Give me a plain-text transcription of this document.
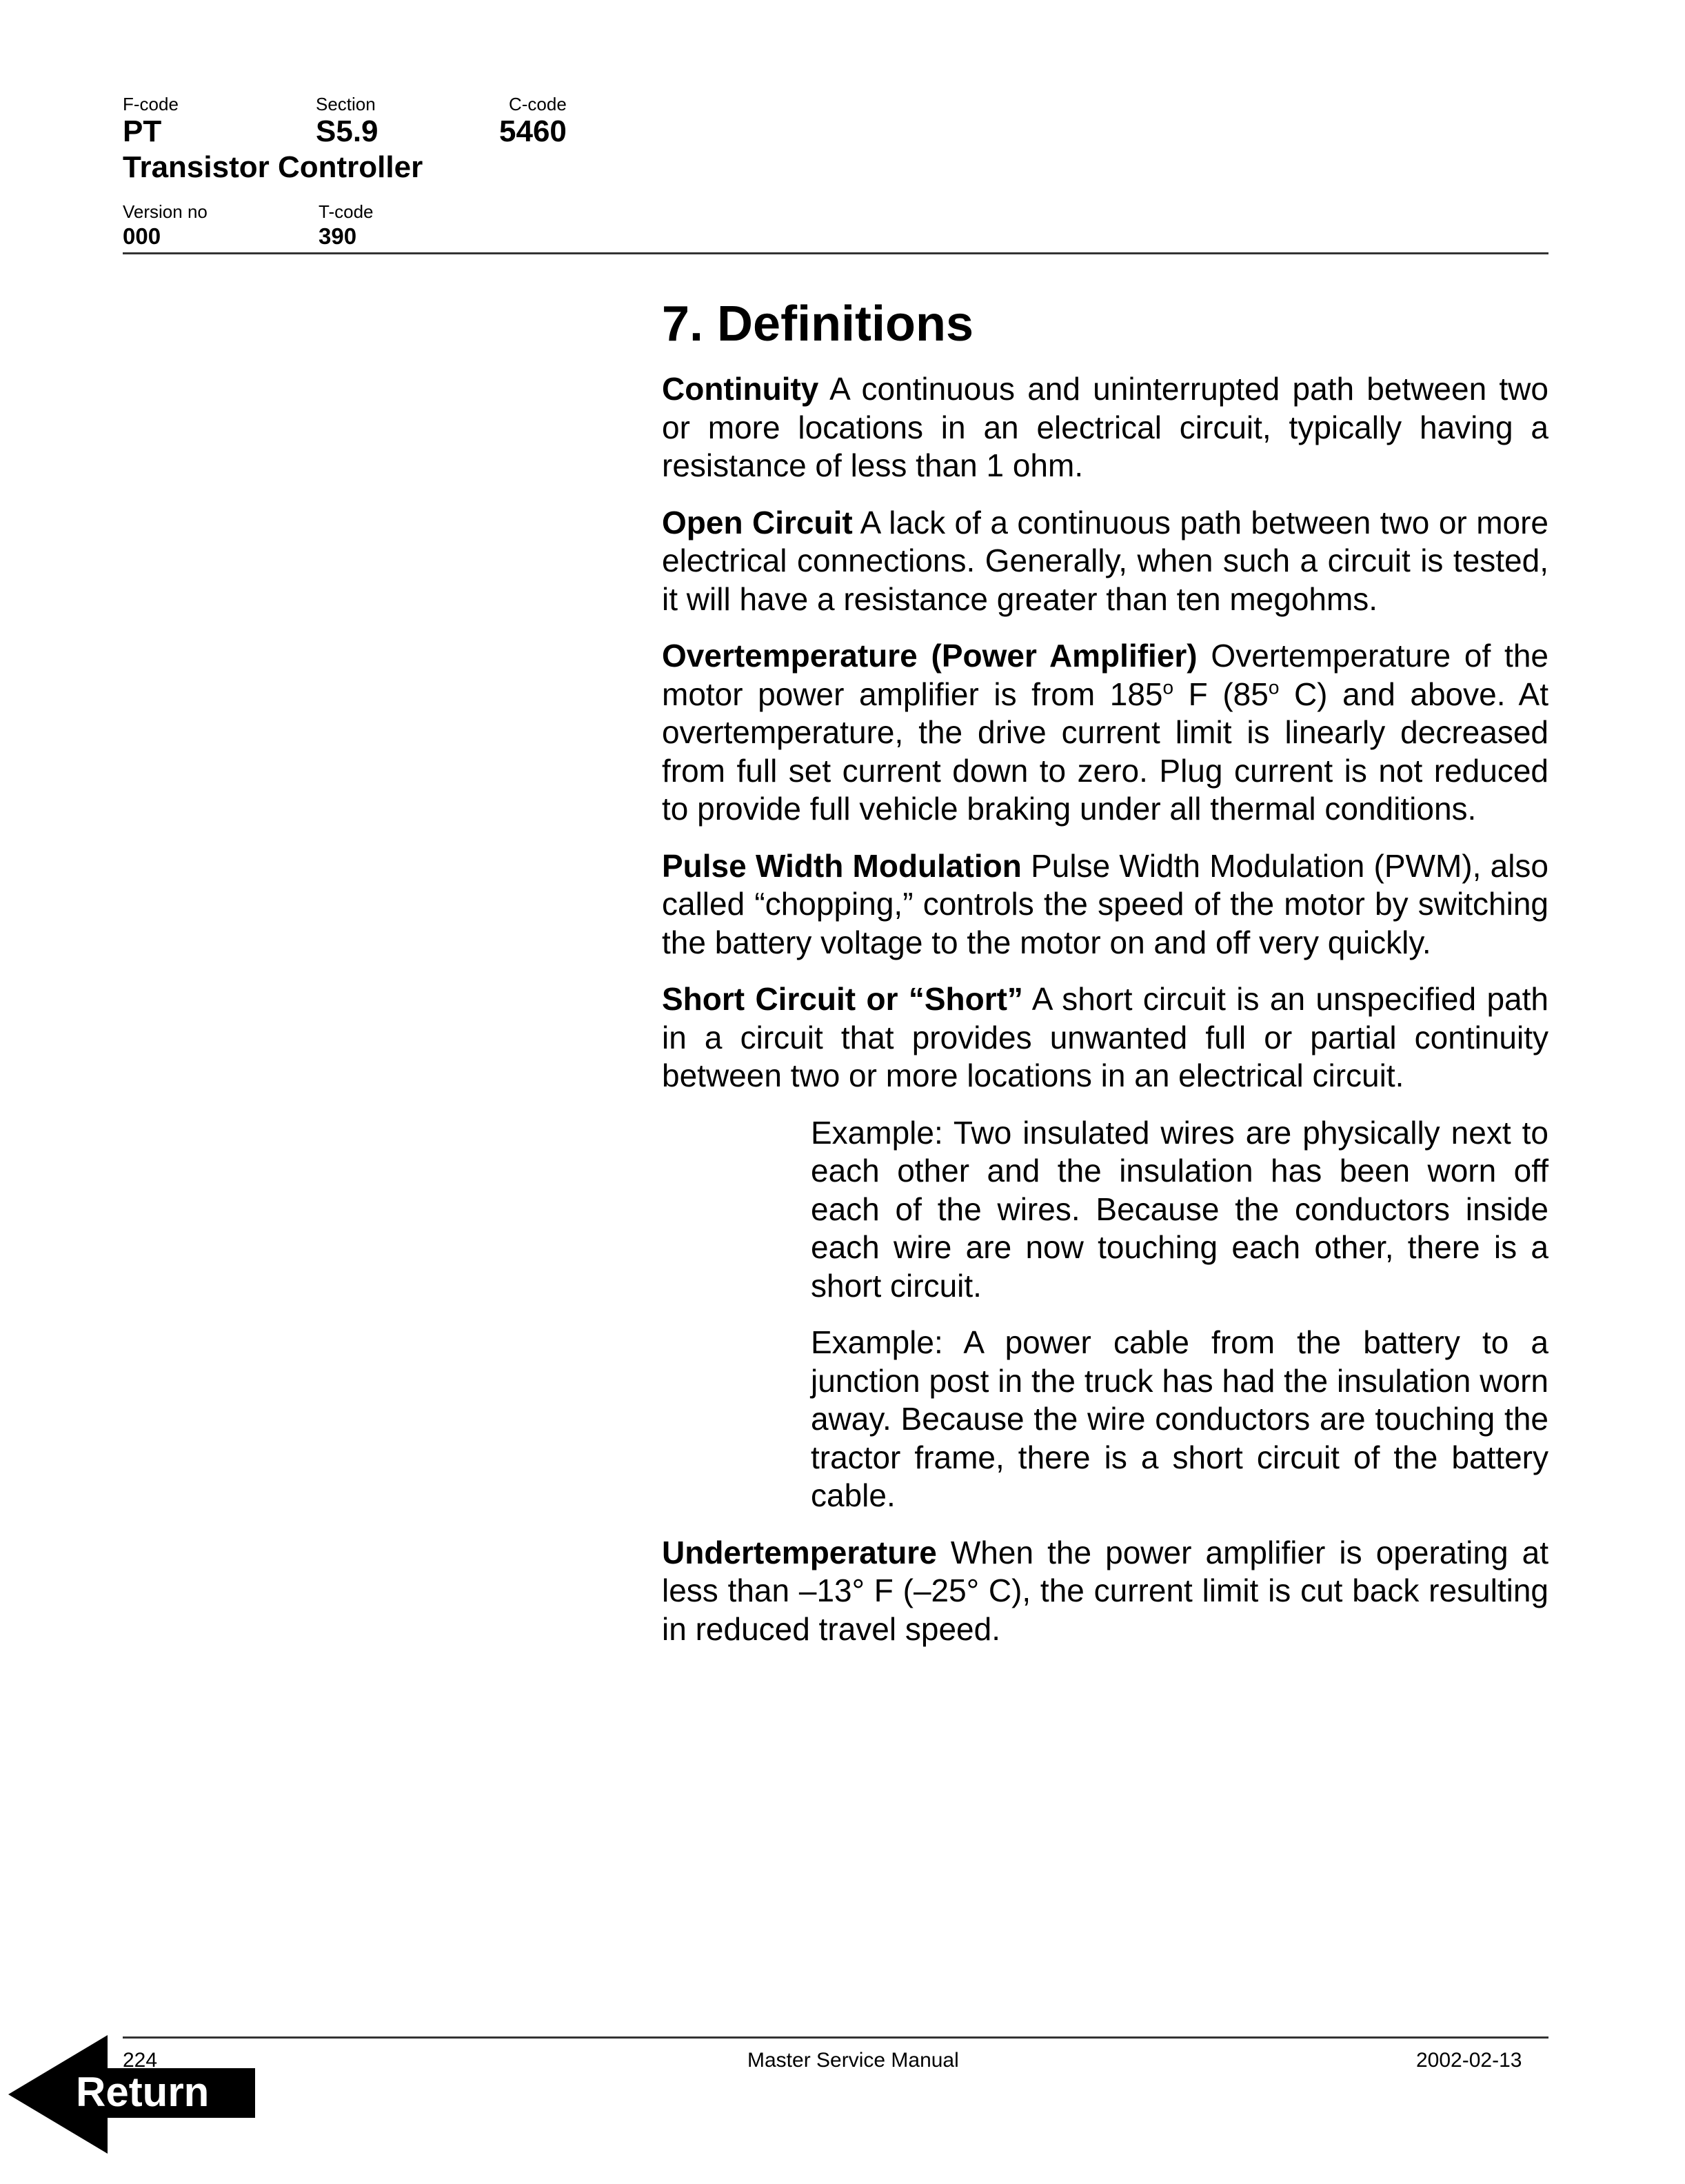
F-code
PT
Section
S5.9
C-code
5460
Transistor Controller
Version no
000
T-code
390
7. Definitions

Continuity A continuous and uninterrupted path between two or more locations in an electrical circuit, typically having a resistance of less than 1 ohm.

Open Circuit A lack of a continuous path between two or more electrical connections. Generally, when such a circuit is tested, it will have a resistance greater than ten megohms.

Overtemperature (Power Amplifier) Overtemperature of the motor power amplifier is from 185$^o$ F (85$^o$ C) and above. At overtemperature, the drive current limit is linearly decreased from full set current down to zero. Plug current is not reduced to provide full vehicle braking under all thermal conditions.

Pulse Width Modulation Pulse Width Modulation (PWM), also called “chopping,” controls the speed of the motor by switching the battery voltage to the motor on and off very quickly.

Short Circuit or “Short” A short circuit is an unspecified path in a circuit that provides unwanted full or partial continuity between two or more locations in an electrical circuit.

Example: Two insulated wires are physically next to each other and the insulation has been worn off each of the wires. Because the conductors inside each wire are now touching each other, there is a short circuit.

Example: A power cable from the battery to a junction post in the truck has had the insulation worn away. Because the wire conductors are touching the tractor frame, there is a short circuit of the battery cable.

Undertemperature When the power amplifier is operating at less than –13° F (–25° C), the current limit is cut back resulting in reduced travel speed.

224	Master Service Manual	2002-02-13
Return
